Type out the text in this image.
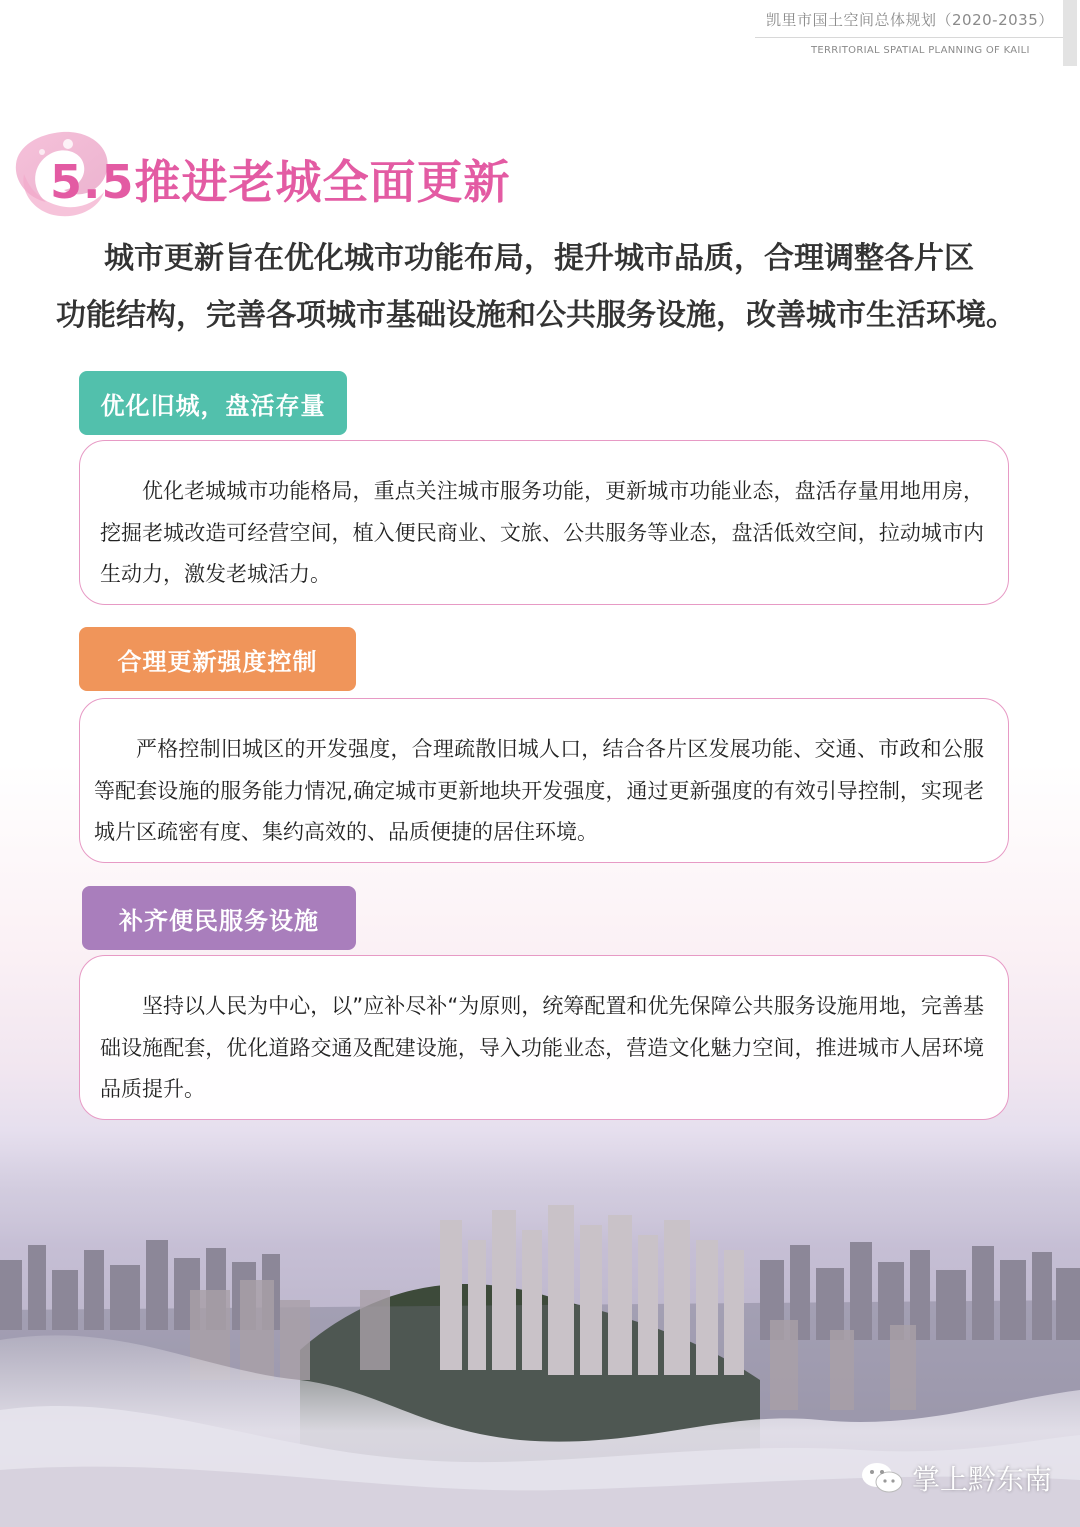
凯里市国土空间总体规划（2020-2035）
TERRITORIAL SPATIAL PLANNING OF KAILI
5.5推进老城全面更新

城市更新旨在优化城市功能布局，提升城市品质，合理调整各片区

功能结构，完善各项城市基础设施和公共服务设施，改善城市生活环境。

优化旧城，盘活存量

优化老城城市功能格局，重点关注城市服务功能，更新城市功能业态，盘活存量用地用房，挖掘老城改造可经营空间，植入便民商业、文旅、公共服务等业态，盘活低效空间，拉动城市内生动力，激发老城活力。

合理更新强度控制

严格控制旧城区的开发强度，合理疏散旧城人口，结合各片区发展功能、交通、市政和公服等配套设施的服务能力情况,确定城市更新地块开发强度，通过更新强度的有效引导控制，实现老城片区疏密有度、集约高效的、品质便捷的居住环境。

补齐便民服务设施

坚持以人民为中心，以”应补尽补“为原则，统筹配置和优先保障公共服务设施用地，完善基础设施配套，优化道路交通及配建设施，导入功能业态，营造文化魅力空间，推进城市人居环境品质提升。

掌上黔东南
